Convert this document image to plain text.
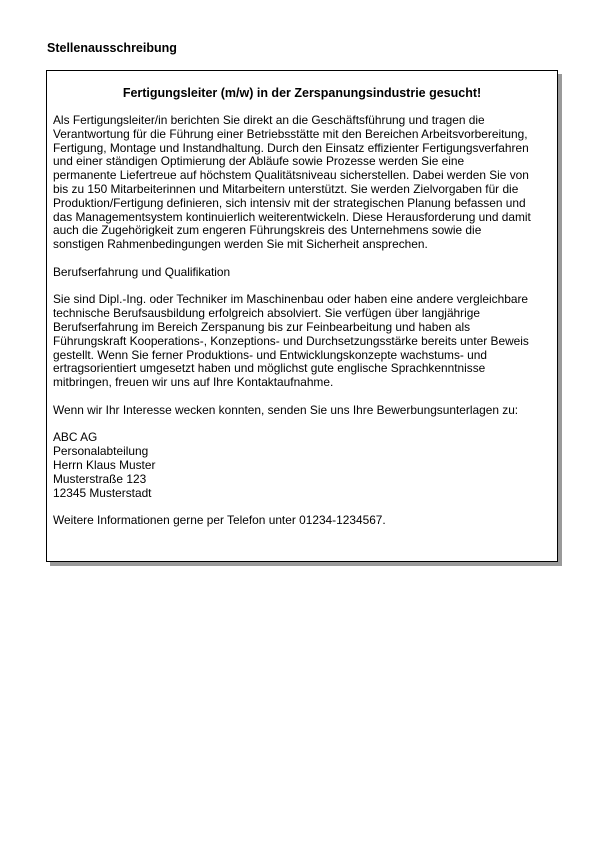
Stellenausschreibung
Fertigungsleiter (m/w) in der Zerspanungsindustrie gesucht!
Als Fertigungsleiter/in berichten Sie direkt an die Geschäftsführung und tragen die
Verantwortung für die Führung einer Betriebsstätte mit den Bereichen Arbeitsvorbereitung,
Fertigung, Montage und Instandhaltung. Durch den Einsatz effizienter Fertigungsverfahren
und einer ständigen Optimierung der Abläufe sowie Prozesse werden Sie eine
permanente Liefertreue auf höchstem Qualitätsniveau sicherstellen. Dabei werden Sie von
bis zu 150 Mitarbeiterinnen und Mitarbeitern unterstützt. Sie werden Zielvorgaben für die
Produktion/Fertigung definieren, sich intensiv mit der strategischen Planung befassen und
das Managementsystem kontinuierlich weiterentwickeln. Diese Herausforderung und damit
auch die Zugehörigkeit zum engeren Führungskreis des Unternehmens sowie die
sonstigen Rahmenbedingungen werden Sie mit Sicherheit ansprechen.
Berufserfahrung und Qualifikation
Sie sind Dipl.-Ing. oder Techniker im Maschinenbau oder haben eine andere vergleichbare
technische Berufsausbildung erfolgreich absolviert. Sie verfügen über langjährige
Berufserfahrung im Bereich Zerspanung bis zur Feinbearbeitung und haben als
Führungskraft Kooperations-, Konzeptions- und Durchsetzungsstärke bereits unter Beweis
gestellt. Wenn Sie ferner Produktions- und Entwicklungskonzepte wachstums- und
ertragsorientiert umgesetzt haben und möglichst gute englische Sprachkenntnisse
mitbringen, freuen wir uns auf Ihre Kontaktaufnahme.
Wenn wir Ihr Interesse wecken konnten, senden Sie uns Ihre Bewerbungsunterlagen zu:
ABC AG
Personalabteilung
Herrn Klaus Muster
Musterstraße 123
12345 Musterstadt
Weitere Informationen gerne per Telefon unter 01234-1234567.
